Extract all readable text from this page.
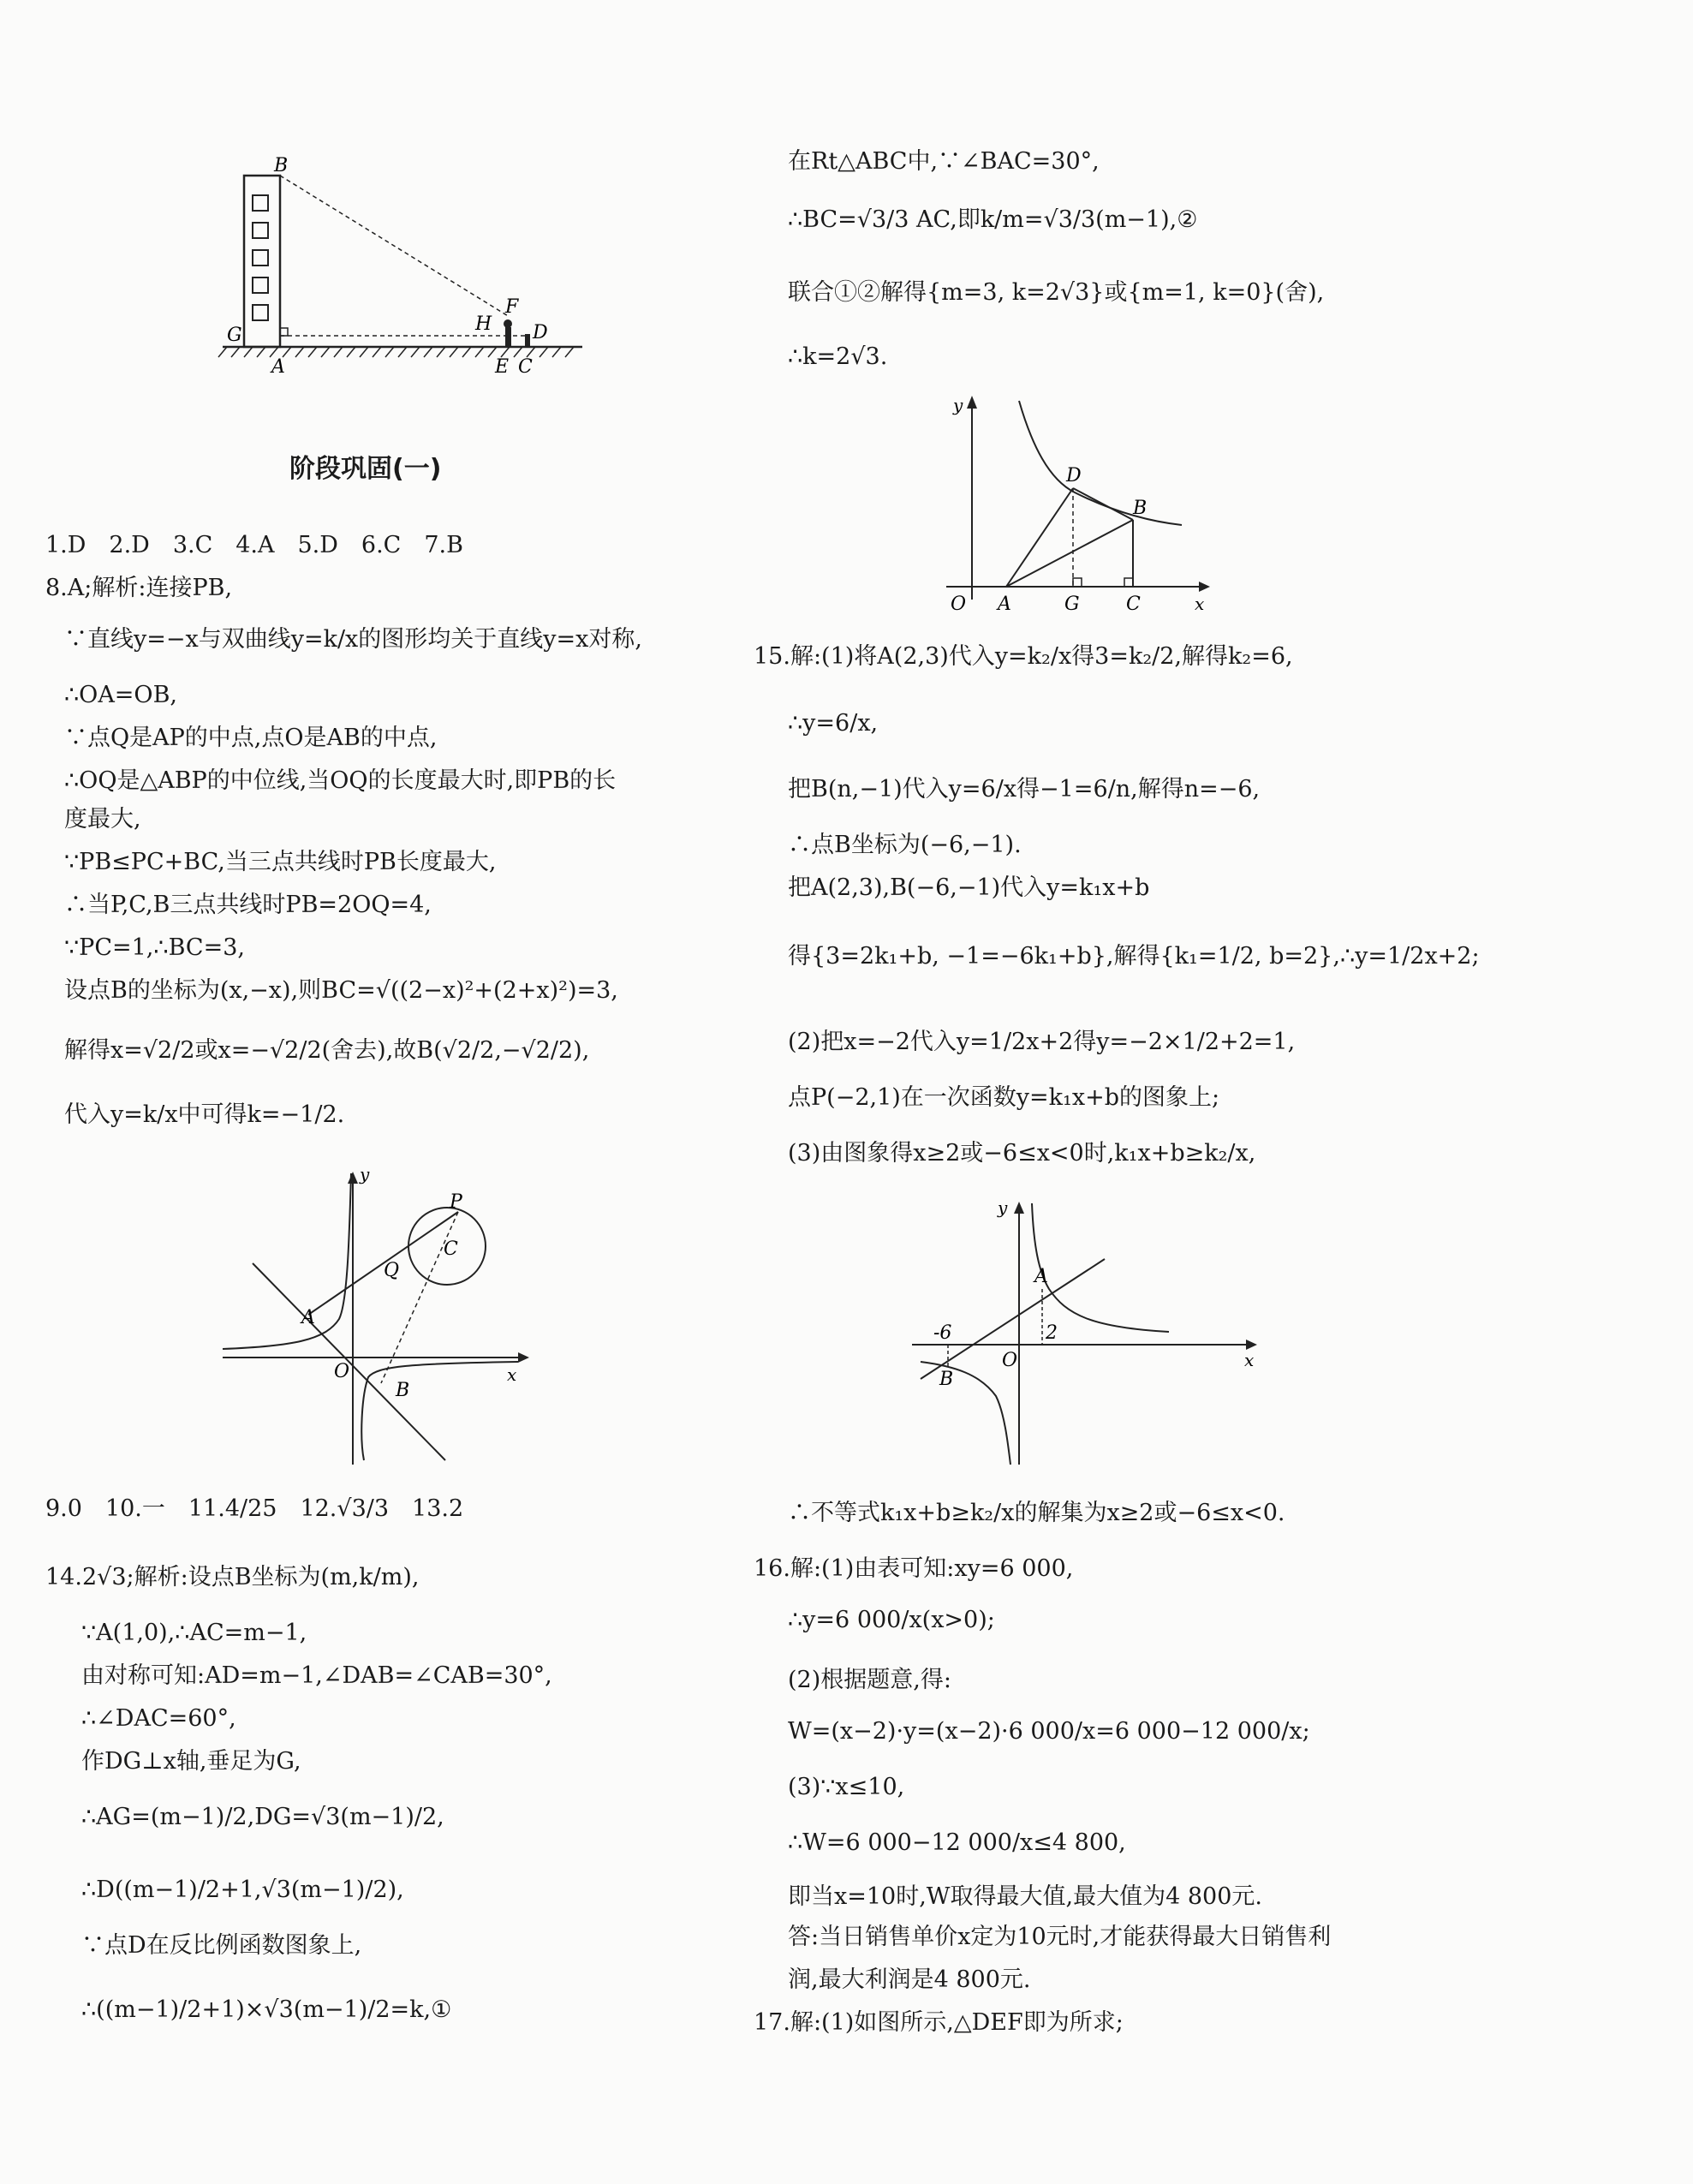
B
G
A
H
F
D
E C
阶段巩固(一)
1.D　2.D　3.C　4.A　5.D　6.C　7.B
8.A;解析:连接PB,
∵直线y=−x与双曲线y=k/x的图形均关于直线y=x对称,
∴OA=OB,
∵点Q是AP的中点,点O是AB的中点,
∴OQ是△ABP的中位线,当OQ的长度最大时,即PB的长
度最大,
∵PB≤PC+BC,当三点共线时PB长度最大,
∴当P,C,B三点共线时PB=2OQ=4,
∵PC=1,∴BC=3,
设点B的坐标为(x,−x),则BC=√((2−x)²+(2+x)²)=3,
解得x=√2/2或x=−√2/2(舍去),故B(√2/2,−√2/2),
代入y=k/x中可得k=−1/2.
y
x
O
A
B
Q
P
C
9.0　10.一　11.4/25　12.√3/3　13.2
14.2√3;解析:设点B坐标为(m,k/m),
∵A(1,0),∴AC=m−1,
由对称可知:AD=m−1,∠DAB=∠CAB=30°,
∴∠DAC=60°,
作DG⊥x轴,垂足为G,
∴AG=(m−1)/2,DG=√3(m−1)/2,
∴D((m−1)/2+1,√3(m−1)/2),
∵点D在反比例函数图象上,
∴((m−1)/2+1)×√3(m−1)/2=k,①
在Rt△ABC中,∵∠BAC=30°,
∴BC=√3/3 AC,即k/m=√3/3(m−1),②
联合①②解得{m=3, k=2√3}或{m=1, k=0}(舍),
∴k=2√3.
y
x
O A	G C
D
B
15.解:(1)将A(2,3)代入y=k₂/x得3=k₂/2,解得k₂=6,
∴y=6/x,
把B(n,−1)代入y=6/x得−1=6/n,解得n=−6,
∴点B坐标为(−6,−1).
把A(2,3),B(−6,−1)代入y=k₁x+b
得{3=2k₁+b, −1=−6k₁+b},解得{k₁=1/2, b=2},∴y=1/2x+2;
(2)把x=−2代入y=1/2x+2得y=−2×1/2+2=1,
点P(−2,1)在一次函数y=k₁x+b的图象上;
(3)由图象得x≥2或−6≤x<0时,k₁x+b≥k₂/x,
y
x
O
A
B
-6	2
∴不等式k₁x+b≥k₂/x的解集为x≥2或−6≤x<0.
16.解:(1)由表可知:xy=6 000,
∴y=6 000/x(x>0);
(2)根据题意,得:
W=(x−2)·y=(x−2)·6 000/x=6 000−12 000/x;
(3)∵x≤10,
∴W=6 000−12 000/x≤4 800,
即当x=10时,W取得最大值,最大值为4 800元.
答:当日销售单价x定为10元时,才能获得最大日销售利
润,最大利润是4 800元.
17.解:(1)如图所示,△DEF即为所求;
